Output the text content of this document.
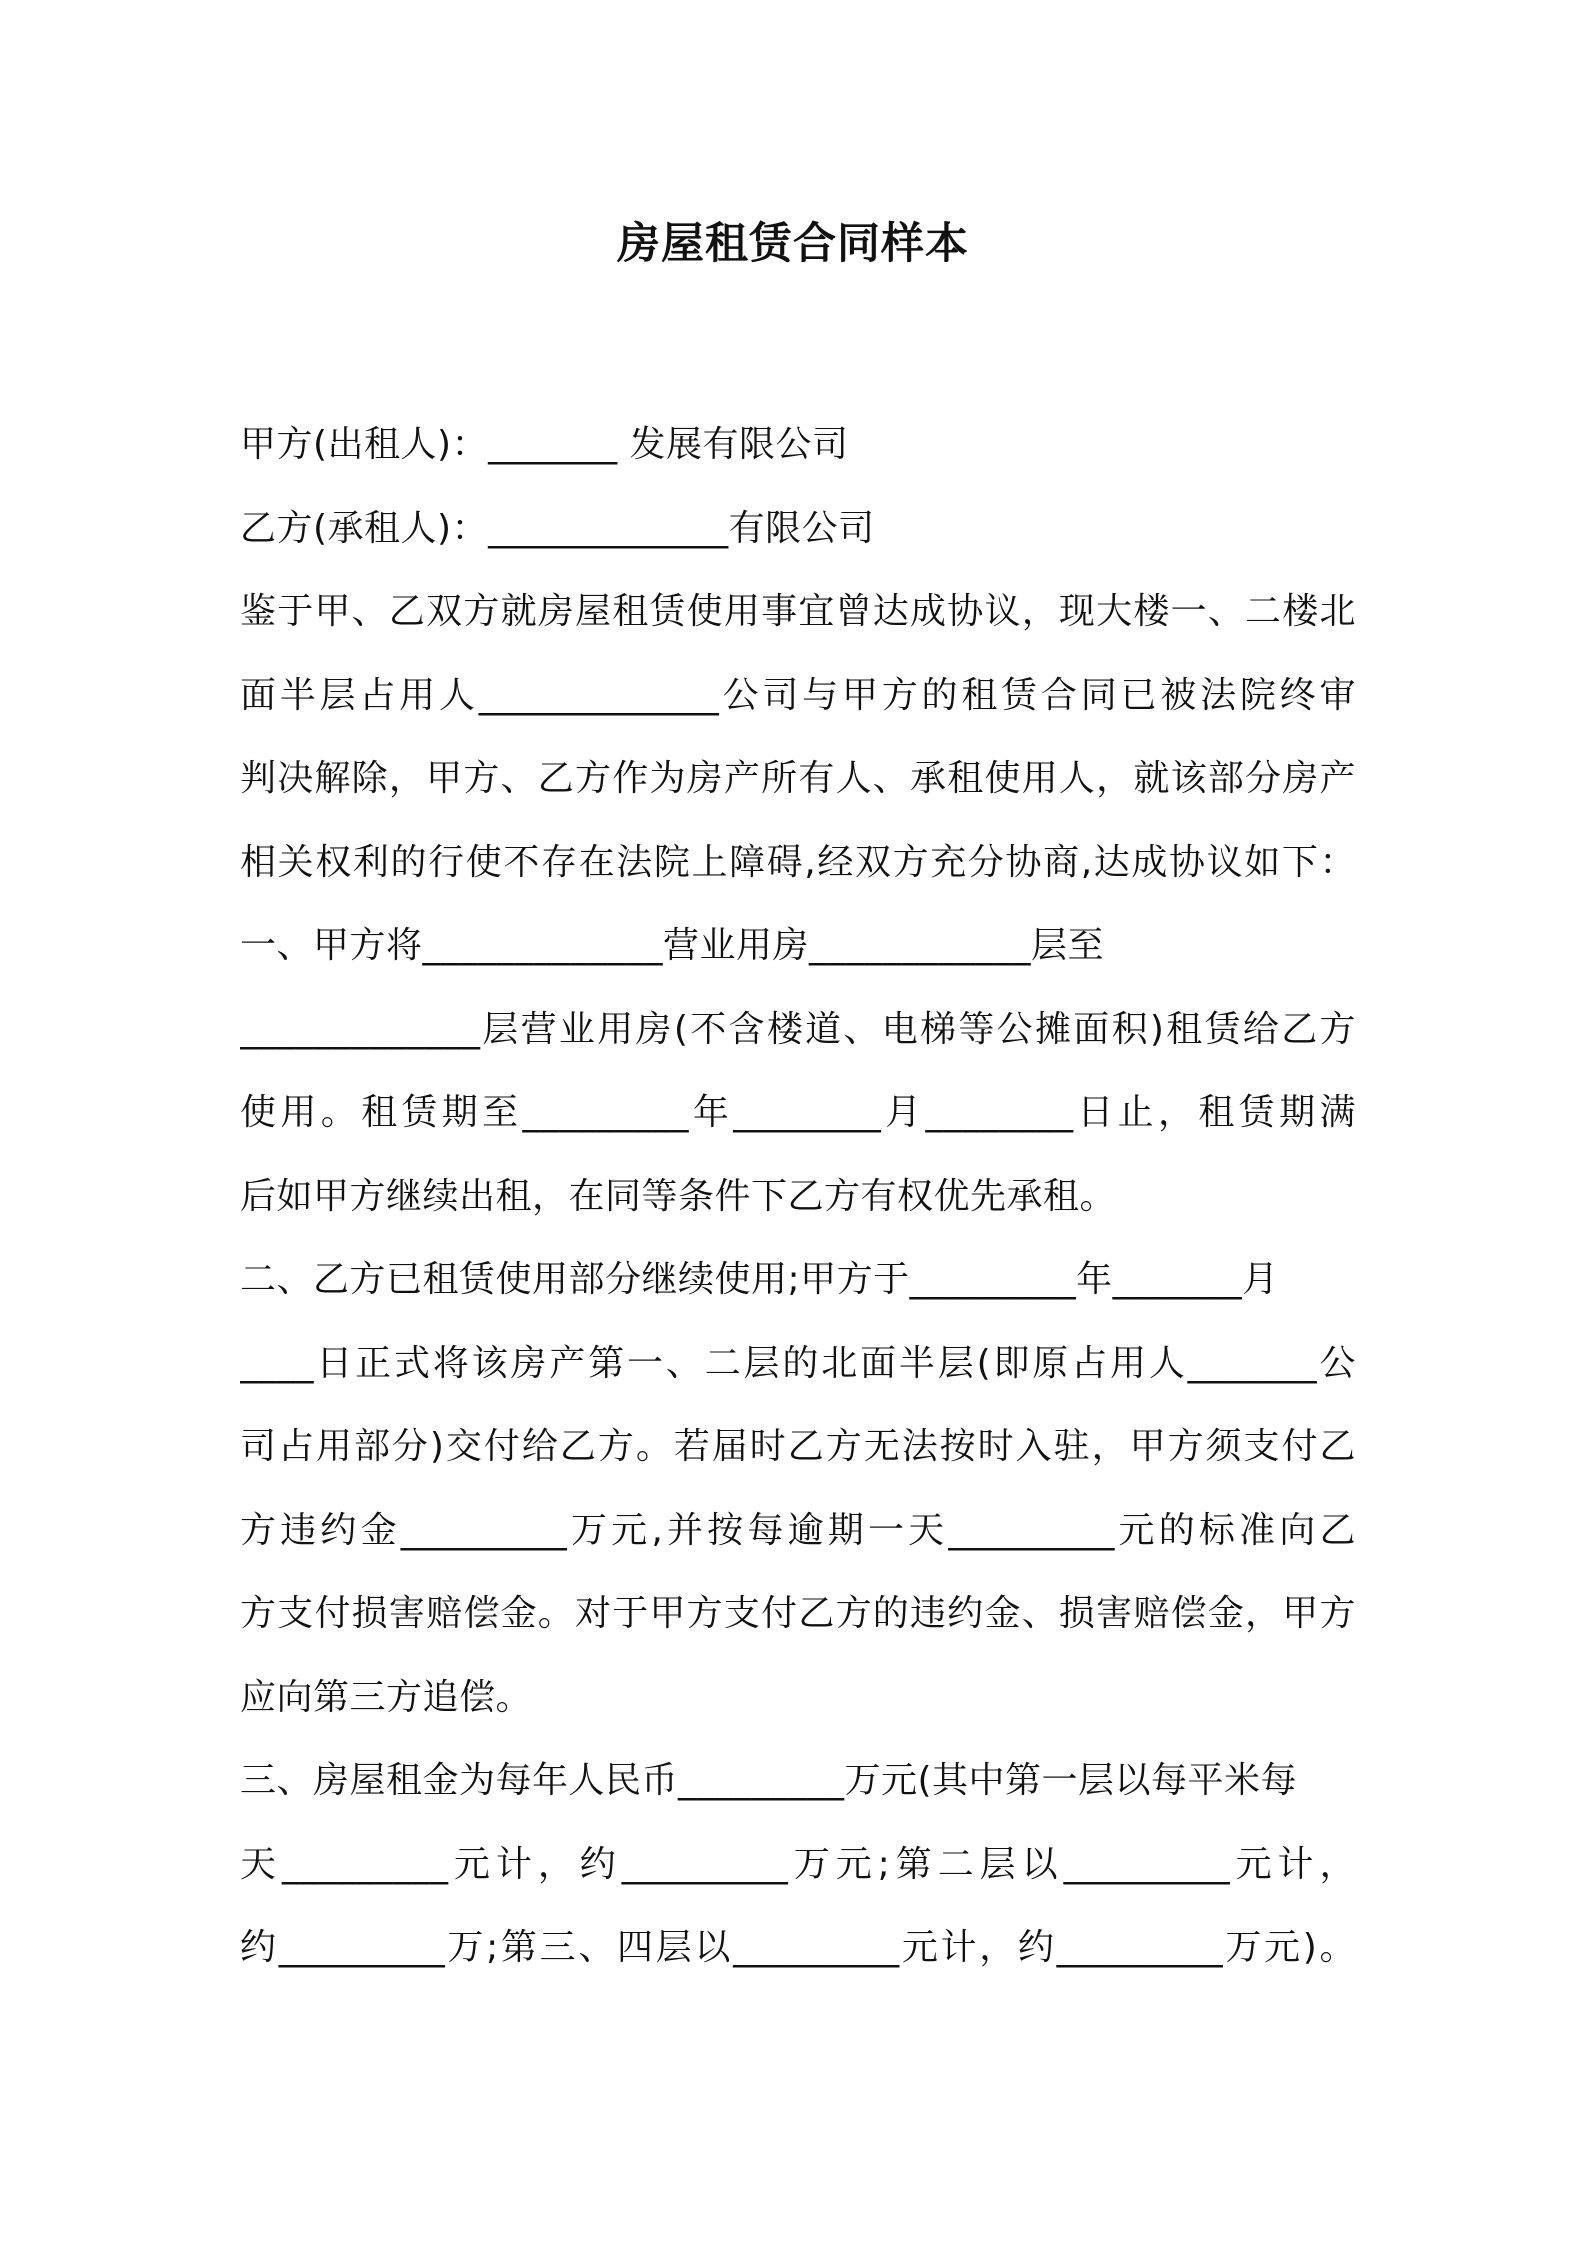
房屋租赁合同样本
甲方(出租人)：_______ 发展有限公司
乙方(承租人)：_____________有限公司
鉴于甲、乙双方就房屋租赁使用事宜曾达成协议，现大楼一、二楼北
面半层占用人_____________公司与甲方的租赁合同已被法院终审
判决解除，甲方、乙方作为房产所有人、承租使用人，就该部分房产
相关权利的行使不存在法院上障碍,经双方充分协商,达成协议如下：
一、甲方将_____________营业用房____________层至
_____________层营业用房(不含楼道、电梯等公摊面积)租赁给乙方
使用。租赁期至_________年________月________日止，租赁期满
后如甲方继续出租，在同等条件下乙方有权优先承租。
二、乙方已租赁使用部分继续使用;甲方于_________年_______月
____日正式将该房产第一、二层的北面半层(即原占用人_______公
司占用部分)交付给乙方。若届时乙方无法按时入驻，甲方须支付乙
方违约金_________万元,并按每逾期一天_________元的标准向乙
方支付损害赔偿金。对于甲方支付乙方的违约金、损害赔偿金，甲方
应向第三方追偿。
三、房屋租金为每年人民币_________万元(其中第一层以每平米每
天_________元计，约_________万元;第二层以_________元计，
约_________万;第三、四层以_________元计，约_________万元)。
